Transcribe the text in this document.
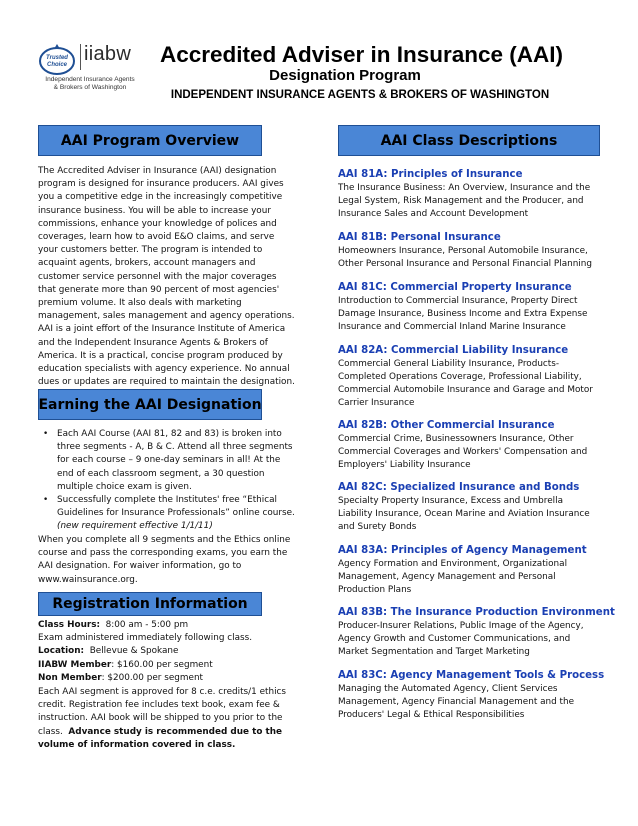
Trusted
Choice iiabw
Independent Insurance Agents
& Brokers of Washington
Accredited Adviser in Insurance (AAI)
Designation Program
INDEPENDENT INSURANCE AGENTS & BROKERS OF WASHINGTON
AAI Program Overview
The Accredited Adviser in Insurance (AAI) designation program is designed for insurance producers. AAI gives you a competitive edge in the increasingly competitive insurance business. You will be able to increase your commissions, enhance your knowledge of polices and coverages, learn how to avoid E&O claims, and serve your customers better. The program is intended to acquaint agents, brokers, account managers and customer service personnel with the major coverages that generate more than 90 percent of most agencies' premium volume. It also deals with marketing management, sales management and agency operations. AAI is a joint effort of the Insurance Institute of America and the Independent Insurance Agents & Brokers of America. It is a practical, concise program produced by education specialists with agency experience. No annual dues or updates are required to maintain the designation.
Earning the AAI Designation
• Each AAI Course (AAI 81, 82 and 83) is broken into three segments - A, B & C. Attend all three segments for each course – 9 one-day seminars in all! At the end of each classroom segment, a 30 question multiple choice exam is given.
• Successfully complete the Institutes' free “Ethical Guidelines for Insurance Professionals” online course. (new requirement effective 1/1/11)
When you complete all 9 segments and the Ethics online course and pass the corresponding exams, you earn the AAI designation. For waiver information, go to www.wainsurance.org.
Registration Information

Class Hours: 8:00 am - 5:00 pm

Exam administered immediately following class.

Location: Bellevue & Spokane

IIABW Member: $160.00 per segment

Non Member: $200.00 per segment

Each AAI segment is approved for 8 c.e. credits/1 ethics credit. Registration fee includes text book, exam fee & instruction. AAI book will be shipped to you prior to the class. Advance study is recommended due to the volume of information covered in class.

AAI Class Descriptions
AAI 81A: Principles of Insurance
The Insurance Business: An Overview, Insurance and the Legal System, Risk Management and the Producer, and Insurance Sales and Account Development
AAI 81B: Personal Insurance
Homeowners Insurance, Personal Automobile Insurance, Other Personal Insurance and Personal Financial Planning
AAI 81C: Commercial Property Insurance
Introduction to Commercial Insurance, Property Direct Damage Insurance, Business Income and Extra Expense Insurance and Commercial Inland Marine Insurance
AAI 82A: Commercial Liability Insurance
Commercial General Liability Insurance, Products-Completed Operations Coverage, Professional Liability, Commercial Automobile Insurance and Garage and Motor Carrier Insurance
AAI 82B: Other Commercial Insurance
Commercial Crime, Businessowners Insurance, Other Commercial Coverages and Workers' Compensation and Employers' Liability Insurance
AAI 82C: Specialized Insurance and Bonds
Specialty Property Insurance, Excess and Umbrella Liability Insurance, Ocean Marine and Aviation Insurance and Surety Bonds
AAI 83A: Principles of Agency Management
Agency Formation and Environment, Organizational Management, Agency Management and Personal Production Plans
AAI 83B: The Insurance Production Environment
Producer-Insurer Relations, Public Image of the Agency, Agency Growth and Customer Communications, and Market Segmentation and Target Marketing
AAI 83C: Agency Management Tools & Process
Managing the Automated Agency, Client Services Management, Agency Financial Management and the Producers' Legal & Ethical Responsibilities
